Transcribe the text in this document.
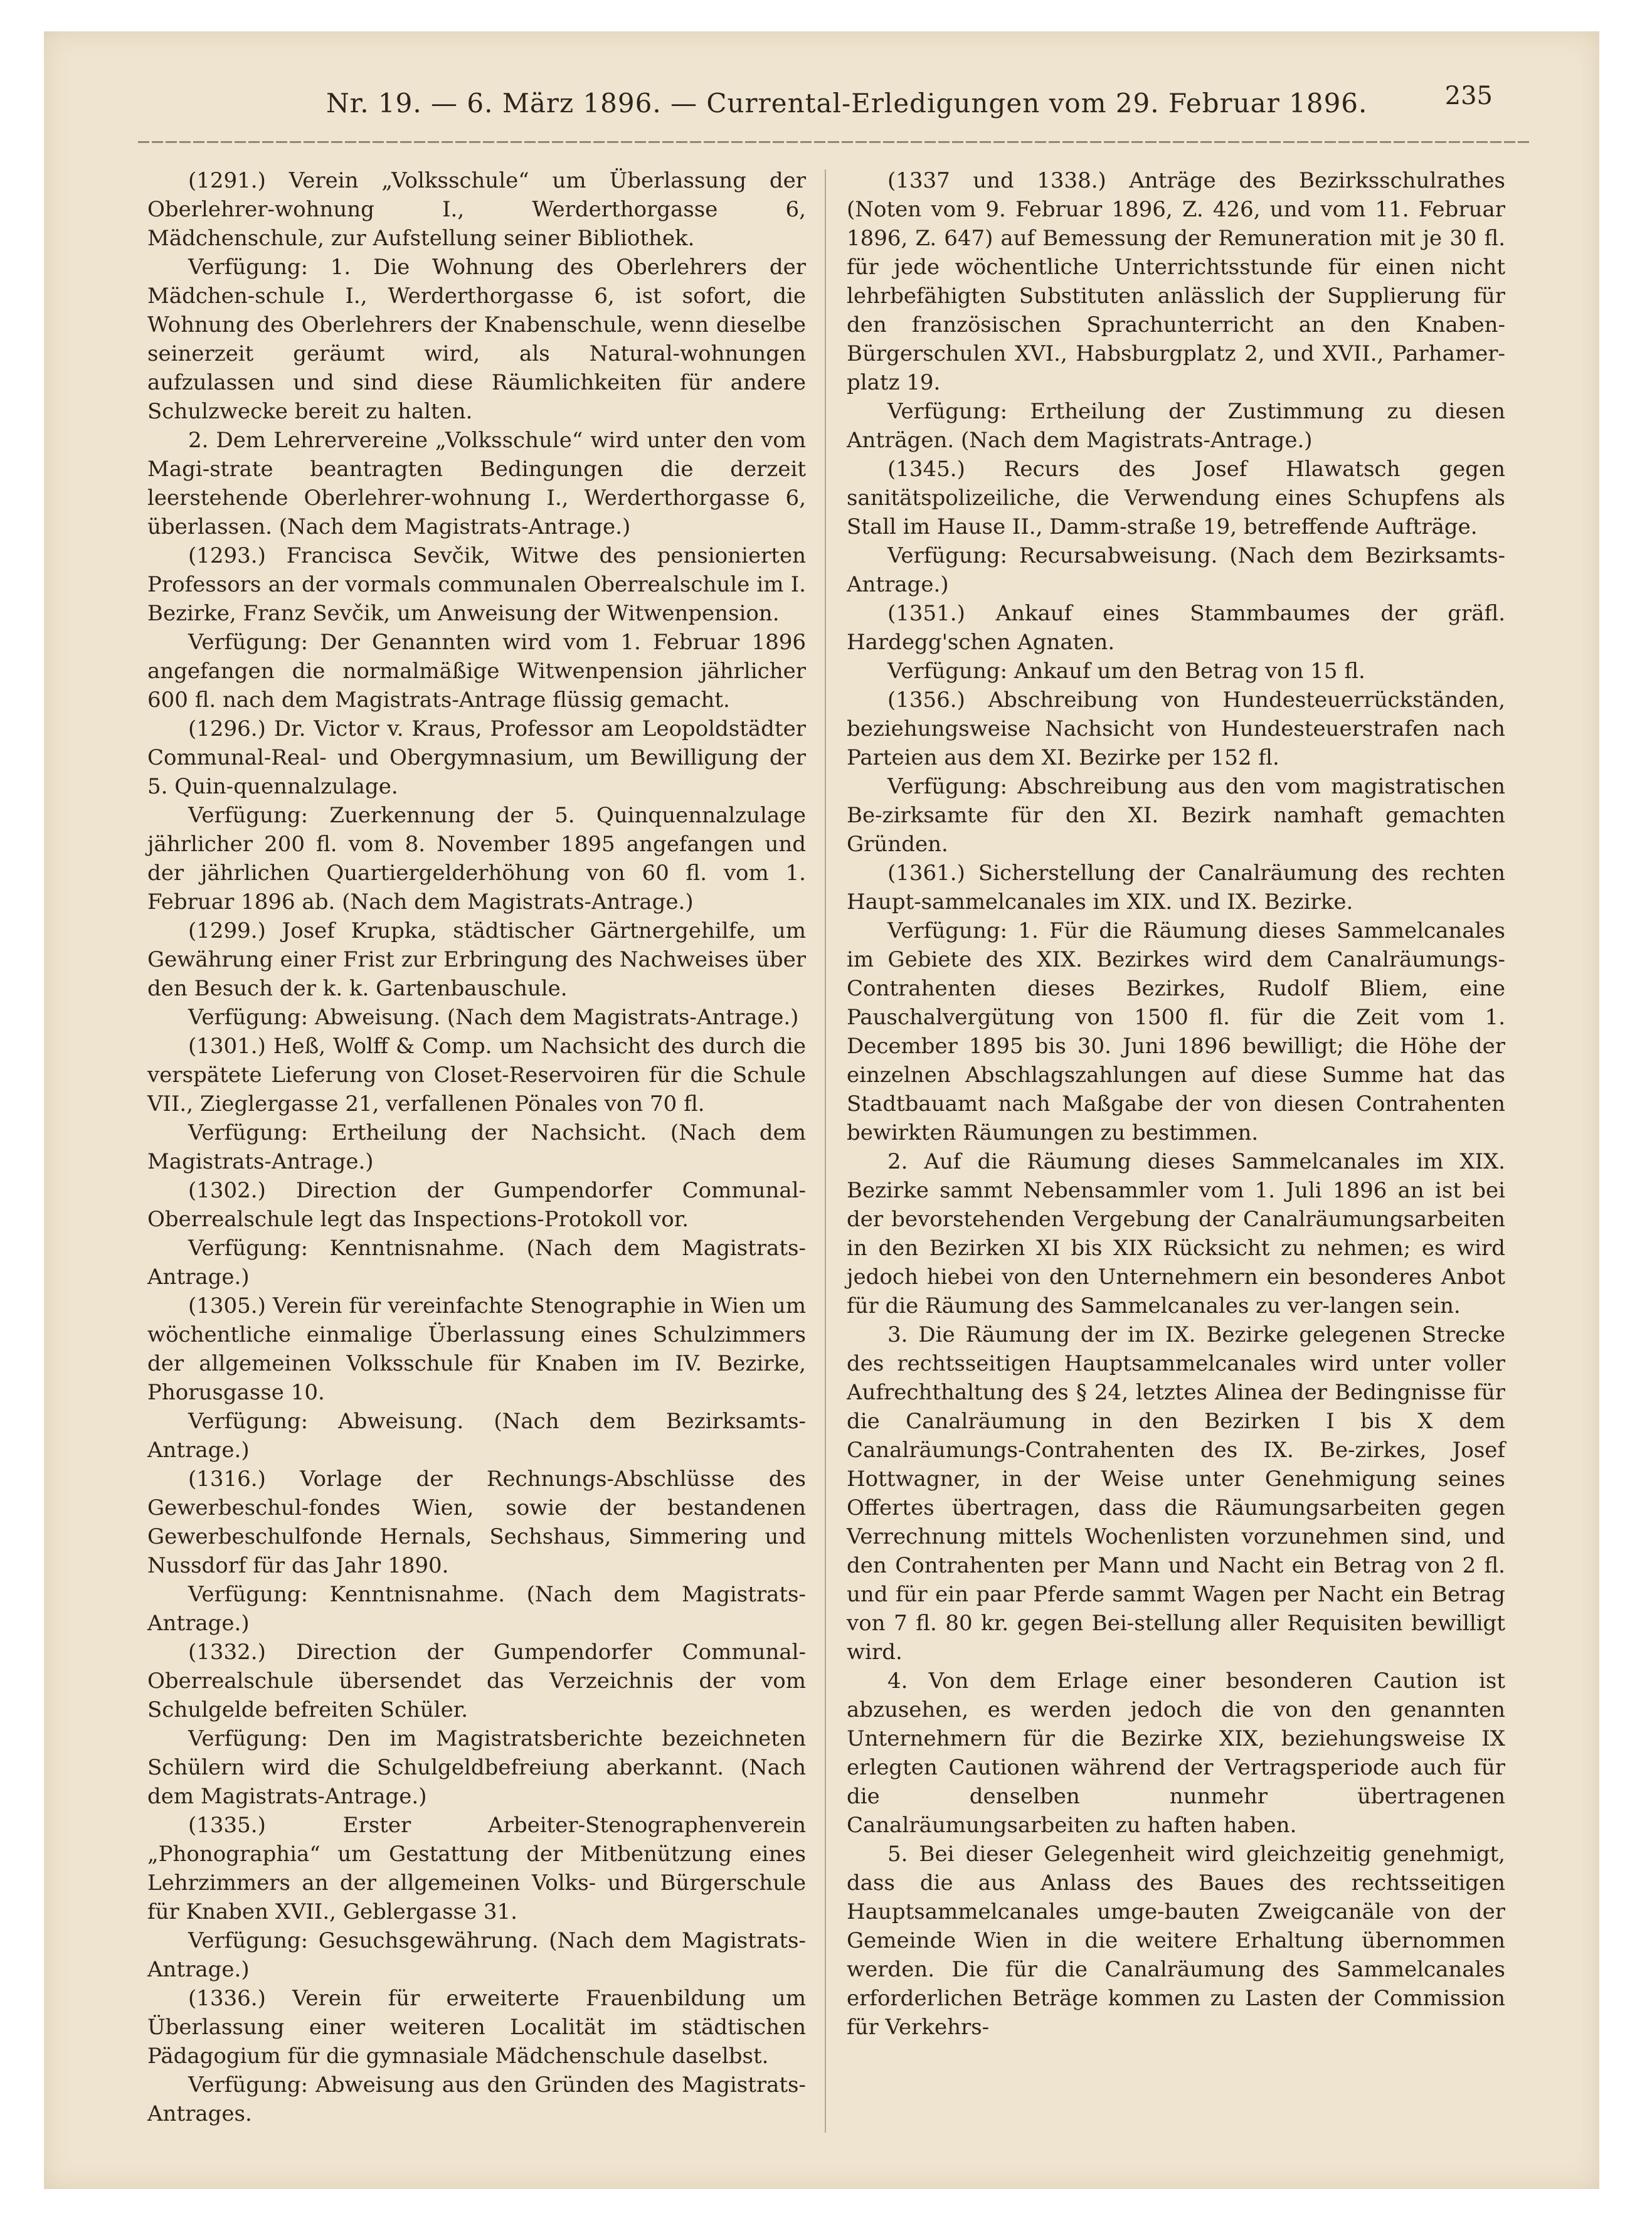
Nr. 19. — 6. März 1896. — Currental-Erledigungen vom 29. Februar 1896.	235

(1291.) Verein „Volksschule“ um Überlassung der Oberlehrer-wohnung I., Werderthorgasse 6, Mädchenschule, zur Aufstellung seiner Bibliothek.

Verfügung: 1. Die Wohnung des Oberlehrers der Mädchen-schule I., Werderthorgasse 6, ist sofort, die Wohnung des Oberlehrers der Knabenschule, wenn dieselbe seinerzeit geräumt wird, als Natural-wohnungen aufzulassen und sind diese Räumlichkeiten für andere Schulzwecke bereit zu halten.

2. Dem Lehrervereine „Volksschule“ wird unter den vom Magi-strate beantragten Bedingungen die derzeit leerstehende Oberlehrer-wohnung I., Werderthorgasse 6, überlassen. (Nach dem Magistrats-Antrage.)

(1293.) Francisca Sevčik, Witwe des pensionierten Professors an der vormals communalen Oberrealschule im I. Bezirke, Franz Sevčik, um Anweisung der Witwenpension.

Verfügung: Der Genannten wird vom 1. Februar 1896 angefangen die normalmäßige Witwenpension jährlicher 600 fl. nach dem Magistrats-Antrage flüssig gemacht.

(1296.) Dr. Victor v. Kraus, Professor am Leopoldstädter Communal-Real- und Obergymnasium, um Bewilligung der 5. Quin-quennalzulage.

Verfügung: Zuerkennung der 5. Quinquennalzulage jährlicher 200 fl. vom 8. November 1895 angefangen und der jährlichen Quartiergelderhöhung von 60 fl. vom 1. Februar 1896 ab. (Nach dem Magistrats-Antrage.)

(1299.) Josef Krupka, städtischer Gärtnergehilfe, um Gewährung einer Frist zur Erbringung des Nachweises über den Besuch der k. k. Gartenbauschule.

Verfügung: Abweisung. (Nach dem Magistrats-Antrage.)

(1301.) Heß, Wolff & Comp. um Nachsicht des durch die verspätete Lieferung von Closet-Reservoiren für die Schule VII., Zieglergasse 21, verfallenen Pönales von 70 fl.

Verfügung: Ertheilung der Nachsicht. (Nach dem Magistrats-Antrage.)

(1302.) Direction der Gumpendorfer Communal-Oberrealschule legt das Inspections-Protokoll vor.

Verfügung: Kenntnisnahme. (Nach dem Magistrats-Antrage.)

(1305.) Verein für vereinfachte Stenographie in Wien um wöchentliche einmalige Überlassung eines Schulzimmers der allgemeinen Volksschule für Knaben im IV. Bezirke, Phorusgasse 10.

Verfügung: Abweisung. (Nach dem Bezirksamts-Antrage.)

(1316.) Vorlage der Rechnungs-Abschlüsse des Gewerbeschul-fondes Wien, sowie der bestandenen Gewerbeschulfonde Hernals, Sechshaus, Simmering und Nussdorf für das Jahr 1890.

Verfügung: Kenntnisnahme. (Nach dem Magistrats-Antrage.)

(1332.) Direction der Gumpendorfer Communal-Oberrealschule übersendet das Verzeichnis der vom Schulgelde befreiten Schüler.

Verfügung: Den im Magistratsberichte bezeichneten Schülern wird die Schulgeldbefreiung aberkannt. (Nach dem Magistrats-Antrage.)

(1335.) Erster Arbeiter-Stenographenverein „Phonographia“ um Gestattung der Mitbenützung eines Lehrzimmers an der allgemeinen Volks- und Bürgerschule für Knaben XVII., Geblergasse 31.

Verfügung: Gesuchsgewährung. (Nach dem Magistrats-Antrage.)

(1336.) Verein für erweiterte Frauenbildung um Überlassung einer weiteren Localität im städtischen Pädagogium für die gymnasiale Mädchenschule daselbst.

Verfügung: Abweisung aus den Gründen des Magistrats-Antrages.

(1337 und 1338.) Anträge des Bezirksschulrathes (Noten vom 9. Februar 1896, Z. 426, und vom 11. Februar 1896, Z. 647) auf Bemessung der Remuneration mit je 30 fl. für jede wöchentliche Unterrichtsstunde für einen nicht lehrbefähigten Substituten anlässlich der Supplierung für den französischen Sprachunterricht an den Knaben-Bürgerschulen XVI., Habsburgplatz 2, und XVII., Parhamer-platz 19.

Verfügung: Ertheilung der Zustimmung zu diesen Anträgen. (Nach dem Magistrats-Antrage.)

(1345.) Recurs des Josef Hlawatsch gegen sanitätspolizeiliche, die Verwendung eines Schupfens als Stall im Hause II., Damm-straße 19, betreffende Aufträge.

Verfügung: Recursabweisung. (Nach dem Bezirksamts-Antrage.)

(1351.) Ankauf eines Stammbaumes der gräfl. Hardegg'schen Agnaten.

Verfügung: Ankauf um den Betrag von 15 fl.

(1356.) Abschreibung von Hundesteuerrückständen, beziehungsweise Nachsicht von Hundesteuerstrafen nach Parteien aus dem XI. Bezirke per 152 fl.

Verfügung: Abschreibung aus den vom magistratischen Be-zirksamte für den XI. Bezirk namhaft gemachten Gründen.

(1361.) Sicherstellung der Canalräumung des rechten Haupt-sammelcanales im XIX. und IX. Bezirke.

Verfügung: 1. Für die Räumung dieses Sammelcanales im Gebiete des XIX. Bezirkes wird dem Canalräumungs-Contrahenten dieses Bezirkes, Rudolf Bliem, eine Pauschalvergütung von 1500 fl. für die Zeit vom 1. December 1895 bis 30. Juni 1896 bewilligt; die Höhe der einzelnen Abschlagszahlungen auf diese Summe hat das Stadtbauamt nach Maßgabe der von diesen Contrahenten bewirkten Räumungen zu bestimmen.

2. Auf die Räumung dieses Sammelcanales im XIX. Bezirke sammt Nebensammler vom 1. Juli 1896 an ist bei der bevorstehenden Vergebung der Canalräumungsarbeiten in den Bezirken XI bis XIX Rücksicht zu nehmen; es wird jedoch hiebei von den Unternehmern ein besonderes Anbot für die Räumung des Sammelcanales zu ver-langen sein.

3. Die Räumung der im IX. Bezirke gelegenen Strecke des rechtsseitigen Hauptsammelcanales wird unter voller Aufrechthaltung des § 24, letztes Alinea der Bedingnisse für die Canalräumung in den Bezirken I bis X dem Canalräumungs-Contrahenten des IX. Be-zirkes, Josef Hottwagner, in der Weise unter Genehmigung seines Offertes übertragen, dass die Räumungsarbeiten gegen Verrechnung mittels Wochenlisten vorzunehmen sind, und den Contrahenten per Mann und Nacht ein Betrag von 2 fl. und für ein paar Pferde sammt Wagen per Nacht ein Betrag von 7 fl. 80 kr. gegen Bei-stellung aller Requisiten bewilligt wird.

4. Von dem Erlage einer besonderen Caution ist abzusehen, es werden jedoch die von den genannten Unternehmern für die Bezirke XIX, beziehungsweise IX erlegten Cautionen während der Vertragsperiode auch für die denselben nunmehr übertragenen Canalräumungsarbeiten zu haften haben.

5. Bei dieser Gelegenheit wird gleichzeitig genehmigt, dass die aus Anlass des Baues des rechtsseitigen Hauptsammelcanales umge-bauten Zweigcanäle von der Gemeinde Wien in die weitere Erhaltung übernommen werden. Die für die Canalräumung des Sammelcanales erforderlichen Beträge kommen zu Lasten der Commission für Verkehrs-
